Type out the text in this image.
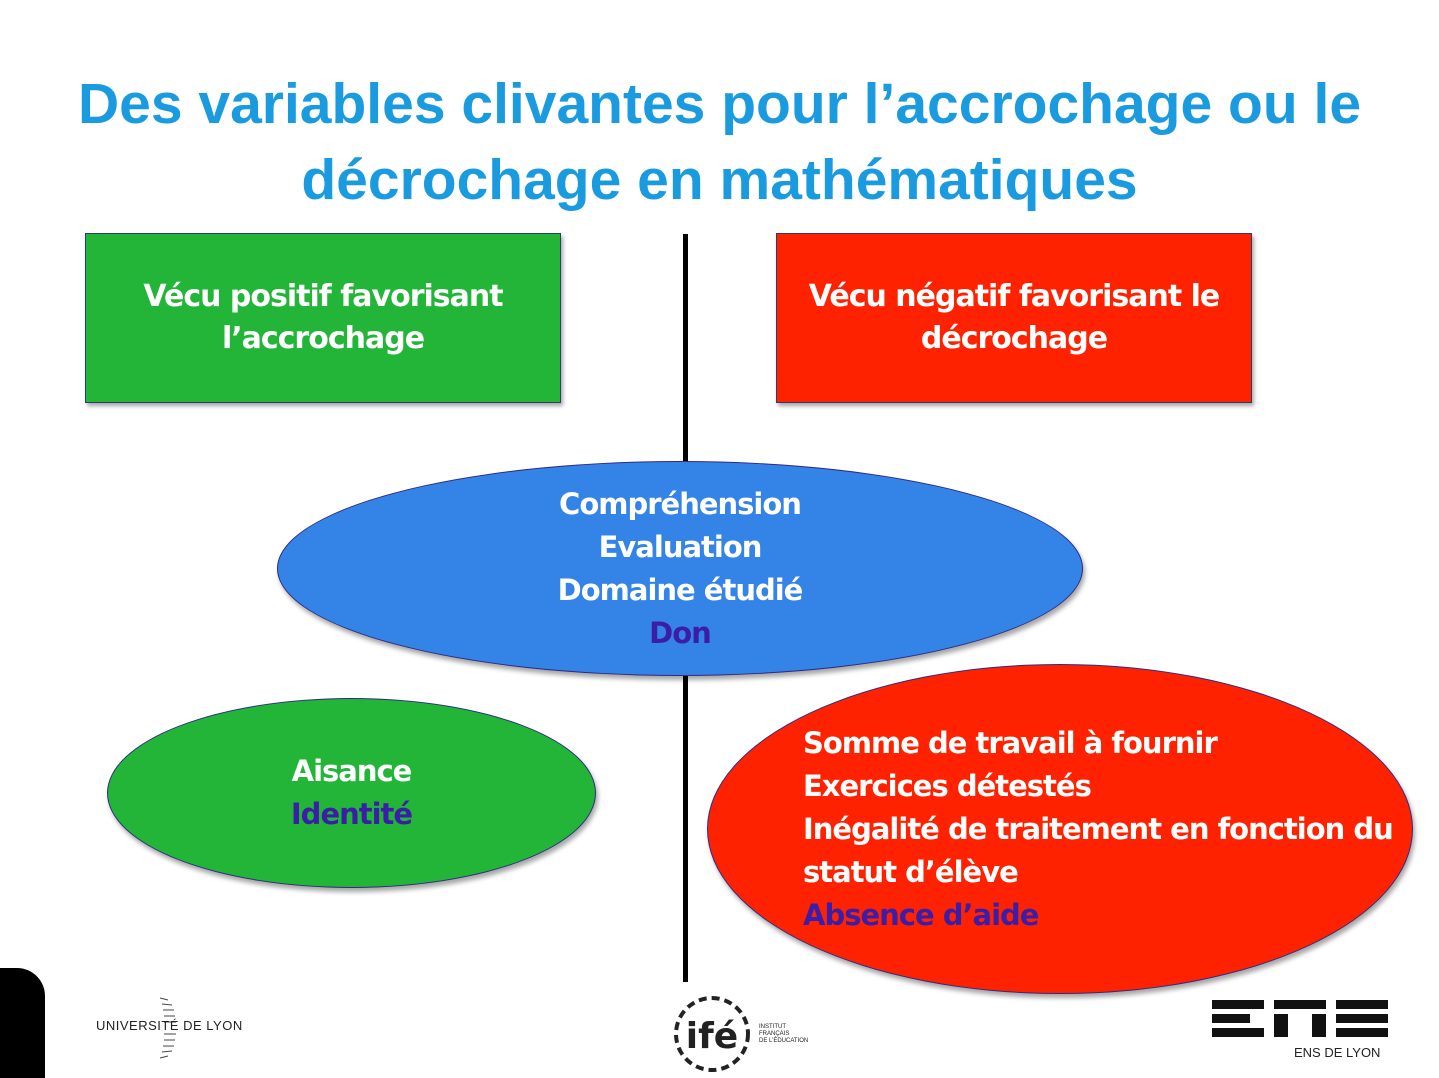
Des variables clivantes pour l’accrochage ou le
décrochage en mathématiques
Vécu positif favorisant
l’accrochage
Vécu négatif favorisant le
décrochage
Compréhension
Evaluation
Domaine étudié
Don
Aisance
Identité
Somme de travail à fournir
Exercices détestés
Inégalité de traitement en fonction du
statut d’élève
Absence d’aide
UNIVERSITÉ DE LYON	ifé	INSTITUT
FRANÇAIS
DE L’ÉDUCATION
ENS DE LYON
